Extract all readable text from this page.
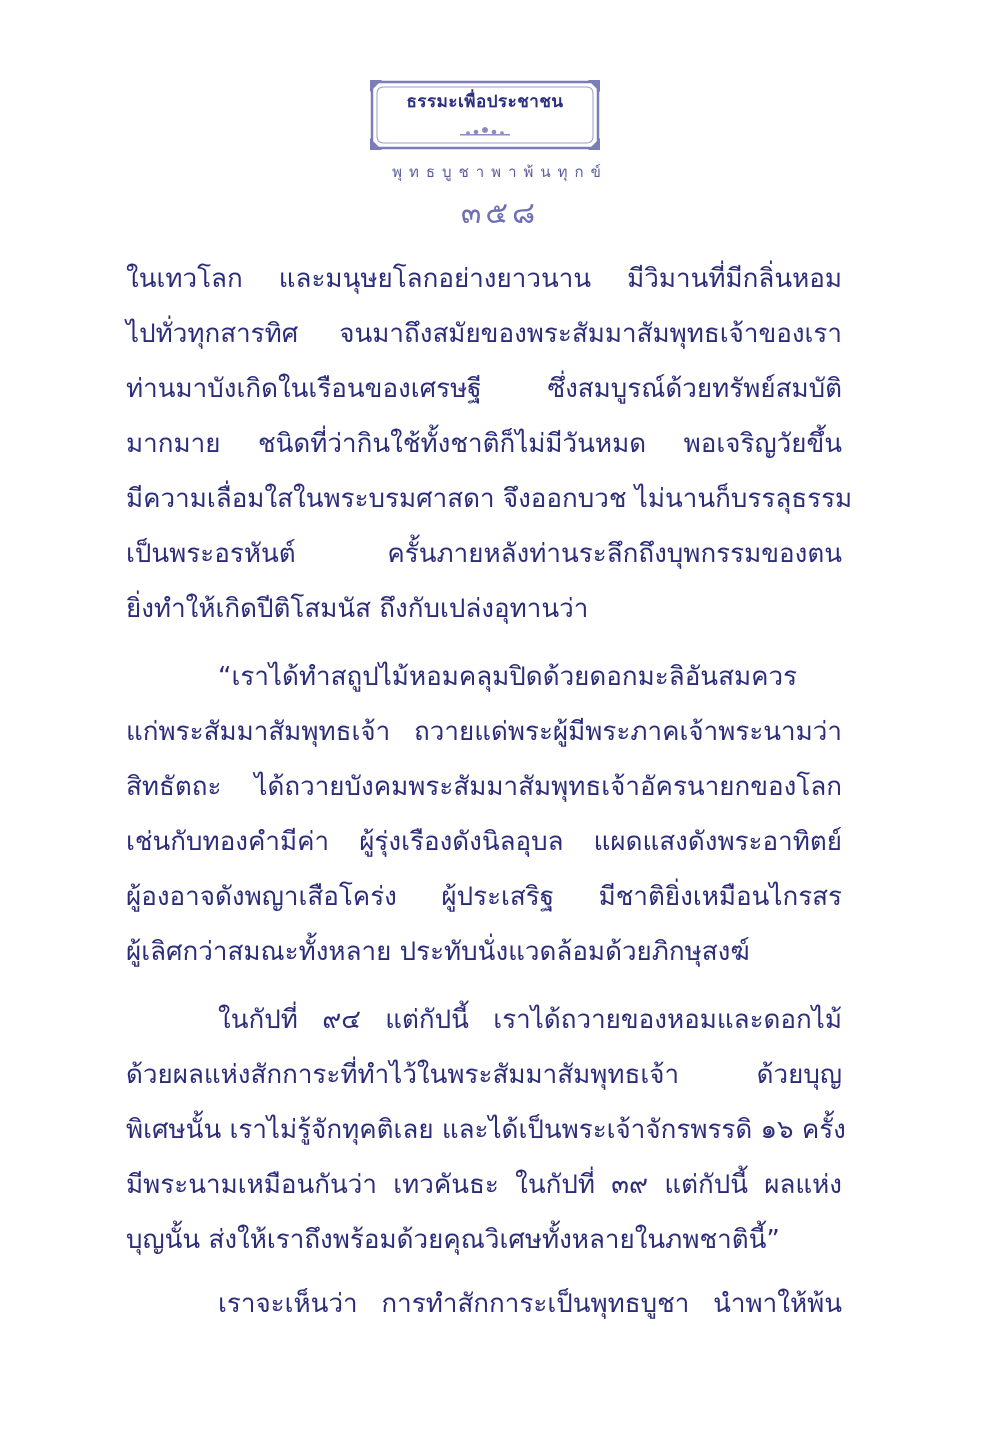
ธรรมะเพื่อประชาชน
พุทธบูชาพาพ้นทุกข์
๓๕๘
ในเทวโลก และมนุษยโลกอย่างยาวนาน มีวิมานที่มีกลิ่นหอม
ไปทั่วทุกสารทิศ จนมาถึงสมัยของพระสัมมาสัมพุทธเจ้าของเรา
ท่านมาบังเกิดในเรือนของเศรษฐี ซึ่งสมบูรณ์ด้วยทรัพย์สมบัติ
มากมาย ชนิดที่ว่ากินใช้ทั้งชาติก็ไม่มีวันหมด พอเจริญวัยขึ้น
มีความเลื่อมใสในพระบรมศาสดา จึงออกบวช ไม่นานก็บรรลุธรรม
เป็นพระอรหันต์ ครั้นภายหลังท่านระลึกถึงบุพกรรมของตน
ยิ่งทำให้เกิดปีติโสมนัส ถึงกับเปล่งอุทานว่า
“เราได้ทำสถูปไม้หอมคลุมปิดด้วยดอกมะลิอันสมควร
แก่พระสัมมาสัมพุทธเจ้า ถวายแด่พระผู้มีพระภาคเจ้าพระนามว่า
สิทธัตถะ ได้ถวายบังคมพระสัมมาสัมพุทธเจ้าอัครนายกของโลก
เช่นกับทองคำมีค่า ผู้รุ่งเรืองดังนิลอุบล แผดแสงดังพระอาทิตย์
ผู้องอาจดังพญาเสือโคร่ง ผู้ประเสริฐ มีชาติยิ่งเหมือนไกรสร
ผู้เลิศกว่าสมณะทั้งหลาย ประทับนั่งแวดล้อมด้วยภิกษุสงฆ์
ในกัปที่ ๙๔ แต่กัปนี้ เราได้ถวายของหอมและดอกไม้
ด้วยผลแห่งสักการะที่ทำไว้ในพระสัมมาสัมพุทธเจ้า ด้วยบุญ
พิเศษนั้น เราไม่รู้จักทุคติเลย และได้เป็นพระเจ้าจักรพรรดิ ๑๖ ครั้ง
มีพระนามเหมือนกันว่า เทวคันธะ ในกัปที่ ๓๙ แต่กัปนี้ ผลแห่ง
บุญนั้น ส่งให้เราถึงพร้อมด้วยคุณวิเศษทั้งหลายในภพชาตินี้”
เราจะเห็นว่า การทำสักการะเป็นพุทธบูชา นำพาให้พ้น
